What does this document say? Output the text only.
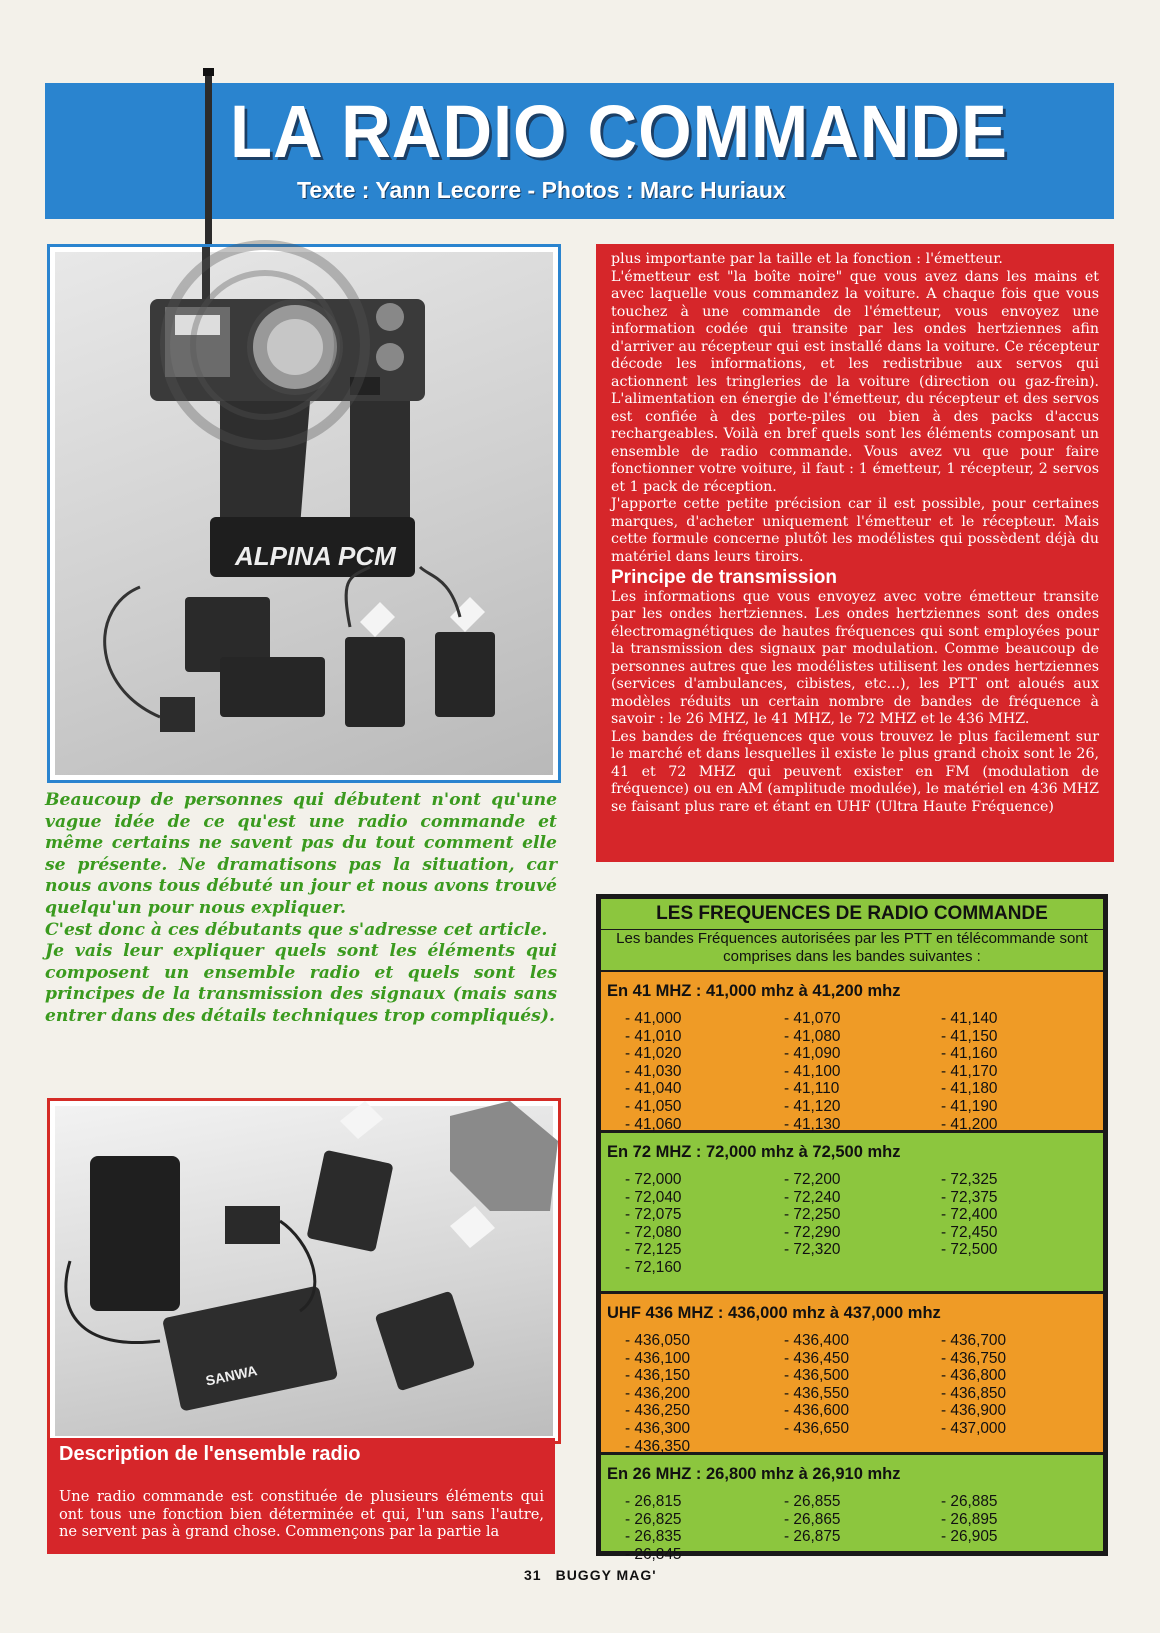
LA RADIO COMMANDE
Texte : Yann Lecorre - Photos : Marc Huriaux
ALPINA PCM

Beaucoup de personnes qui débutent n'ont qu'une vague idée de ce qu'est une radio commande et même certains ne savent pas du tout comment elle se présente. Ne dramatisons pas la situation, car nous avons tous débuté un jour et nous avons trouvé quelqu'un pour nous expliquer.

C'est donc à ces débutants que s'adresse cet article.

Je vais leur expliquer quels sont les éléments qui composent un ensemble radio et quels sont les principes de la transmission des signaux (mais sans entrer dans des détails techniques trop compliqués).

SANWA
Description de l'ensemble radio

Une radio commande est constituée de plusieurs éléments qui ont tous une fonction bien déterminée et qui, l'un sans l'autre, ne servent pas à grand chose. Commençons par la partie la

plus importante par la taille et la fonction : l'émetteur.

L'émetteur est "la boîte noire" que vous avez dans les mains et avec laquelle vous commandez la voiture. A chaque fois que vous touchez à une commande de l'émetteur, vous envoyez une information codée qui transite par les ondes hertziennes afin d'arriver au récepteur qui est installé dans la voiture. Ce récepteur décode les informations, et les redistribue aux servos qui actionnent les tringleries de la voiture (direction ou gaz-frein). L'alimentation en énergie de l'émetteur, du récepteur et des servos est confiée à des porte-piles ou bien à des packs d'accus rechargeables. Voilà en bref quels sont les éléments composant un ensemble de radio commande. Vous avez vu que pour faire fonctionner votre voiture, il faut : 1 émetteur, 1 récepteur, 2 servos et 1 pack de réception.

J'apporte cette petite précision car il est possible, pour certaines marques, d'acheter uniquement l'émetteur et le récepteur. Mais cette formule concerne plutôt les modélistes qui possèdent déjà du matériel dans leurs tiroirs.

Principe de transmission

Les informations que vous envoyez avec votre émetteur transite par les ondes hertziennes. Les ondes hertziennes sont des ondes électromagnétiques de hautes fréquences qui sont employées pour la transmission des signaux par modulation. Comme beaucoup de personnes autres que les modélistes utilisent les ondes hertziennes (services d'ambulances, cibistes, etc...), les PTT ont aloués aux modèles réduits un certain nombre de bandes de fréquence à savoir : le 26 MHZ, le 41 MHZ, le 72 MHZ et le 436 MHZ.

Les bandes de fréquences que vous trouvez le plus facilement sur le marché et dans lesquelles il existe le plus grand choix sont le 26, 41 et 72 MHZ qui peuvent exister en FM (modulation de fréquence) ou en AM (amplitude modulée), le matériel en 436 MHZ se faisant plus rare et étant en UHF (Ultra Haute Fréquence)

LES FREQUENCES DE RADIO COMMANDE
Les bandes Fréquences autorisées par les PTT en télécommande sont comprises dans les bandes suivantes :
En 41 MHZ : 41,000 mhz à 41,200 mhz
- 41,000
- 41,010
- 41,020
- 41,030
- 41,040
- 41,050
- 41,060
- 41,070
- 41,080
- 41,090
- 41,100
- 41,110
- 41,120
- 41,130
- 41,140
- 41,150
- 41,160
- 41,170
- 41,180
- 41,190
- 41,200
En 72 MHZ : 72,000 mhz à 72,500 mhz
- 72,000
- 72,040
- 72,075
- 72,080
- 72,125
- 72,160
- 72,200
- 72,240
- 72,250
- 72,290
- 72,320
- 72,325
- 72,375
- 72,400
- 72,450
- 72,500
UHF 436 MHZ : 436,000 mhz à 437,000 mhz
- 436,050
- 436,100
- 436,150
- 436,200
- 436,250
- 436,300
- 436,350
- 436,400
- 436,450
- 436,500
- 436,550
- 436,600
- 436,650
- 436,700
- 436,750
- 436,800
- 436,850
- 436,900
- 437,000
En 26 MHZ : 26,800 mhz à 26,910 mhz
- 26,815
- 26,825
- 26,835
- 26,845
- 26,855
- 26,865
- 26,875
- 26,885
- 26,895
- 26,905
31 BUGGY MAG'
